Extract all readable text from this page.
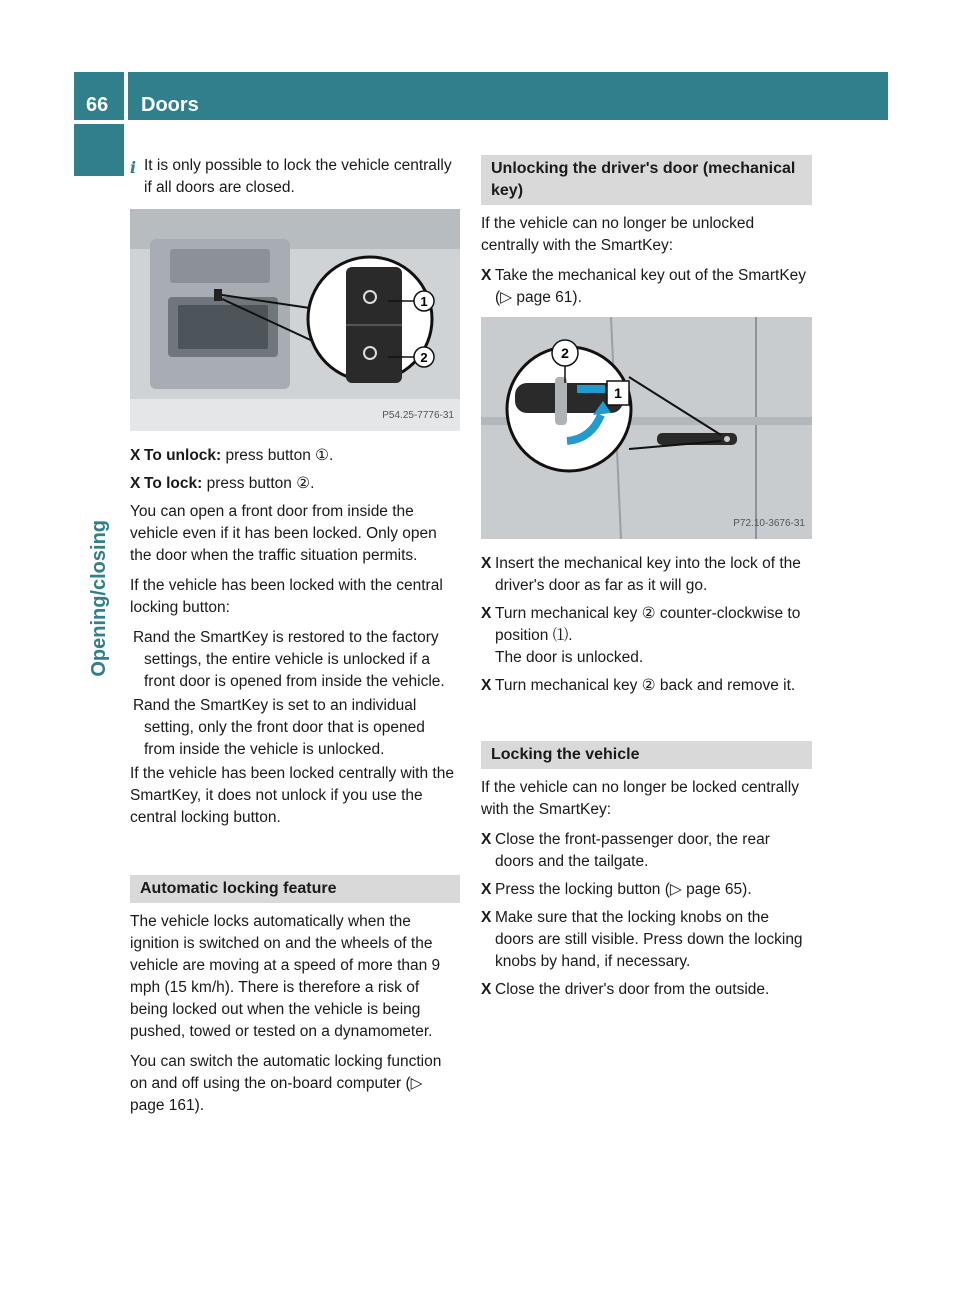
66	Doors
Opening/closing
i It is only possible to lock the vehicle centrally if all doors are closed.
1
2
P54.25-7776-31
X To unlock: press button ①.
X To lock: press button ②.

You can open a front door from inside the vehicle even if it has been locked. Only open the door when the traffic situation permits.

If the vehicle has been locked with the central locking button:

R and the SmartKey is restored to the factory settings, the entire vehicle is unlocked if a front door is opened from inside the vehicle.
R and the SmartKey is set to an individual setting, only the front door that is opened from inside the vehicle is unlocked.

If the vehicle has been locked centrally with the SmartKey, it does not unlock if you use the central locking button.

Automatic locking feature

The vehicle locks automatically when the ignition is switched on and the wheels of the vehicle are moving at a speed of more than 9 mph (15 km/h). There is therefore a risk of being locked out when the vehicle is being pushed, towed or tested on a dynamometer.

You can switch the automatic locking function on and off using the on-board computer (▷ page 161).

Unlocking the driver's door (mechanical key)

If the vehicle can no longer be unlocked centrally with the SmartKey:

X Take the mechanical key out of the SmartKey (▷ page 61).
2
1
P72.10-3676-31
X Insert the mechanical key into the lock of the driver's door as far as it will go.
X Turn mechanical key ② counter-clockwise to position ⑴.
The door is unlocked.
X Turn mechanical key ② back and remove it.
Locking the vehicle

If the vehicle can no longer be locked centrally with the SmartKey:

X Close the front-passenger door, the rear doors and the tailgate.
X Press the locking button (▷ page 65).
X Make sure that the locking knobs on the doors are still visible. Press down the locking knobs by hand, if necessary.
X Close the driver's door from the outside.
